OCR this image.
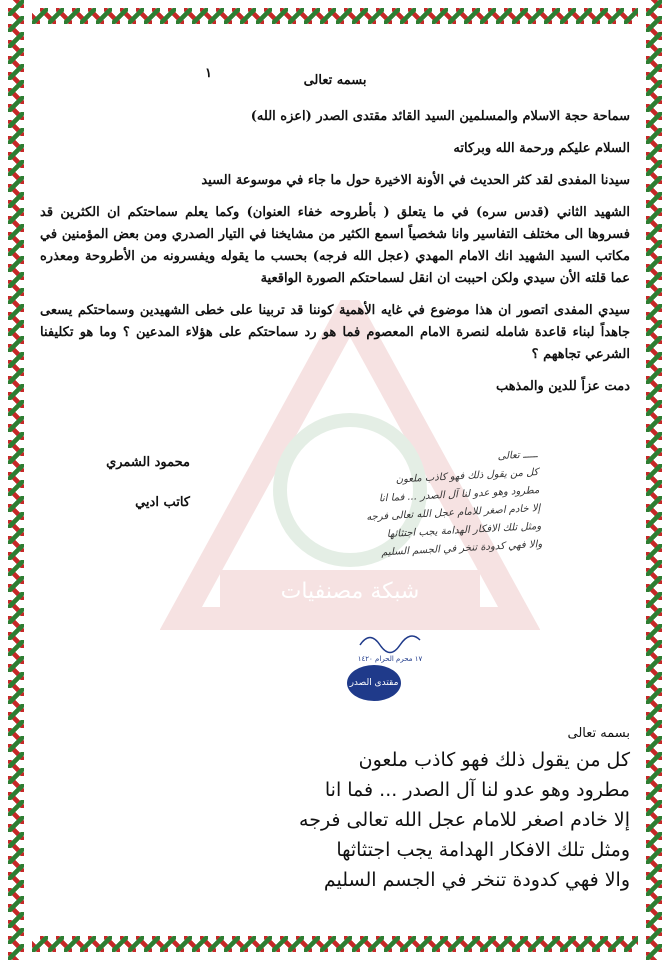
شبكة مصنفيات
١	بسمه تعالى
سماحة حجة الاسلام والمسلمين السيد القائد مقتدى الصدر (اعزه الله)
السلام عليكم ورحمة الله وبركاته
سيدنا المفدى لقد كثر الحديث في الأونة الاخيرة حول ما جاء في موسوعة السيد
الشهيد الثاني (قدس سره) في ما يتعلق ( بأطروحه خفاء العنوان) وكما يعلم سماحتكم ان الكثرين قد فسروها الى مختلف التفاسير وانا شخصياً اسمع الكثير من مشايخنا في التيار الصدري ومن بعض المؤمنين في مكاتب السيد الشهيد انك الامام المهدي (عجل الله فرجه) بحسب ما يقوله ويفسرونه من الأطروحة ومعذره عما قلته الأن سيدي ولكن احببت ان انقل لسماحتكم الصورة الواقعية
سيدي المفدى اتصور ان هذا موضوع في غايه الأهمية كوننا قد تربينا على خطى الشهيدين وسماحتكم يسعى جاهداً لبناء قاعدة شامله لنصرة الامام المعصوم فما هو رد سماحتكم على هؤلاء المدعين ؟ وما هو تكليفنا الشرعي تجاههم ؟
دمت عزاً للدين والمذهب
محمود الشمري
كاتب اديي
ـــــ تعالى
كل من يقول ذلك فهو كاذب ملعون
مطرود وهو عدو لنا آل الصدر ... فما انا
إلا خادم اصغر للامام عجل الله تعالى فرجه
ومثل تلك الافكار الهدامة يجب اجتثاثها
والا فهي كدودة تنخر في الجسم السليم
١٧ محرم الحرام ١٤٢٠
مقتدى الصدر
بسمه تعالى
كل من يقول ذلك فهو كاذب ملعون
مطرود وهو عدو لنا آل الصدر ... فما انا
إلا خادم اصغر للامام عجل الله تعالى فرجه
ومثل تلك الافكار الهدامة يجب اجتثاثها
والا فهي كدودة تنخر في الجسم السليم
